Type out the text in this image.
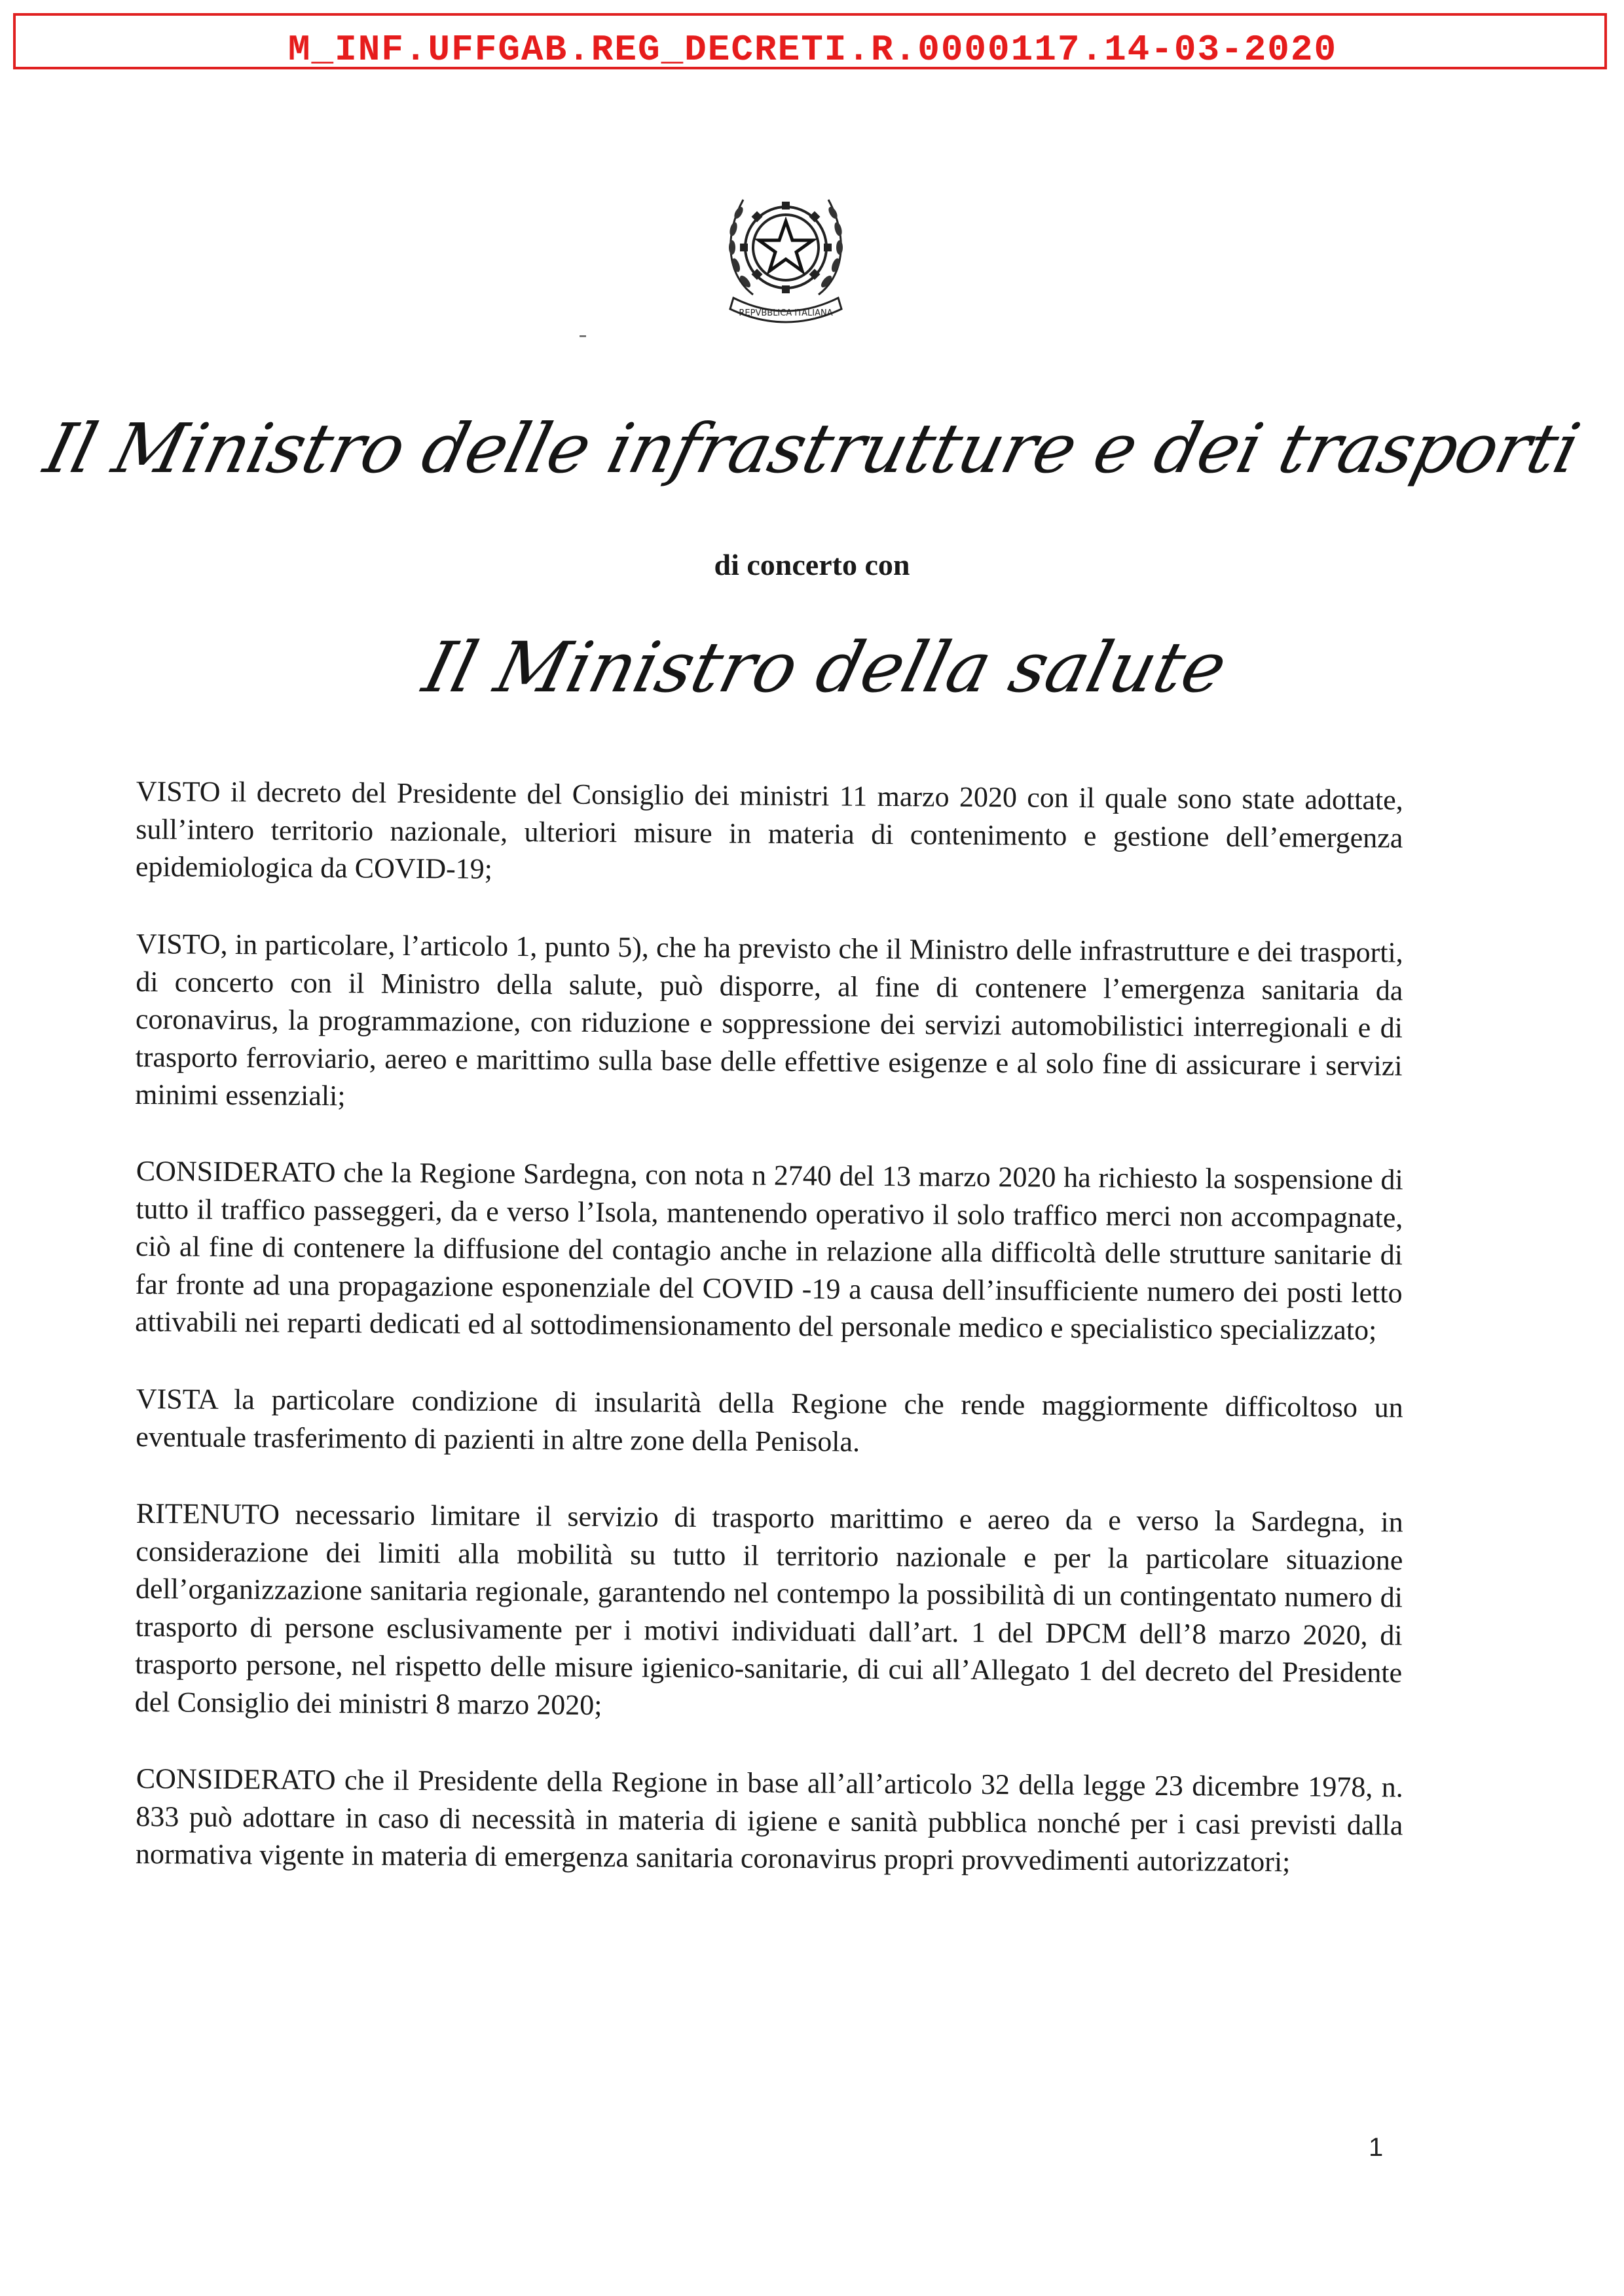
M_INF.UFFGAB.REG_DECRETI.R.0000117.14-03-2020
REPVBBLICA ITALIANA
Il Ministro delle infrastrutture e dei trasporti
di concerto con
Il Ministro della salute

VISTO il decreto del Presidente del Consiglio dei ministri 11 marzo 2020 con il quale sono state adottate, sull’intero territorio nazionale, ulteriori misure in materia di contenimento e gestione dell’emergenza epidemiologica da COVID-19;

VISTO, in particolare, l’articolo 1, punto 5), che ha previsto che il Ministro delle infrastrutture e dei trasporti, di concerto con il Ministro della salute, può disporre, al fine di contenere l’emergenza sanitaria da coronavirus, la programmazione, con riduzione e soppressione dei servizi automobilistici interregionali e di trasporto ferroviario, aereo e marittimo sulla base delle effettive esigenze e al solo fine di assicurare i servizi minimi essenziali;

CONSIDERATO che la Regione Sardegna, con nota n 2740 del 13 marzo 2020 ha richiesto la sospensione di tutto il traffico passeggeri, da e verso l’Isola, mantenendo operativo il solo traffico merci non accompagnate, ciò al fine di contenere la diffusione del contagio anche in relazione alla difficoltà delle strutture sanitarie di far fronte ad una propagazione esponenziale del COVID -19 a causa dell’insufficiente numero dei posti letto attivabili nei reparti dedicati ed al sottodimensionamento del personale medico e specialistico specializzato;

VISTA la particolare condizione di insularità della Regione che rende maggiormente difficoltoso un eventuale trasferimento di pazienti in altre zone della Penisola.

RITENUTO necessario limitare il servizio di trasporto marittimo e aereo da e verso la Sardegna, in considerazione dei limiti alla mobilità su tutto il territorio nazionale e per la particolare situazione dell’organizzazione sanitaria regionale, garantendo nel contempo la possibilità di un contingentato numero di trasporto di persone esclusivamente per i motivi individuati dall’art. 1 del DPCM dell’8 marzo 2020, di trasporto persone, nel rispetto delle misure igienico-sanitarie, di cui all’Allegato 1 del decreto del Presidente del Consiglio dei ministri 8 marzo 2020;

CONSIDERATO che il Presidente della Regione in base all’all’articolo 32 della legge 23 dicembre 1978, n. 833 può adottare in caso di necessità in materia di igiene e sanità pubblica nonché per i casi previsti dalla normativa vigente in materia di emergenza sanitaria coronavirus propri provvedimenti autorizzatori;

1
